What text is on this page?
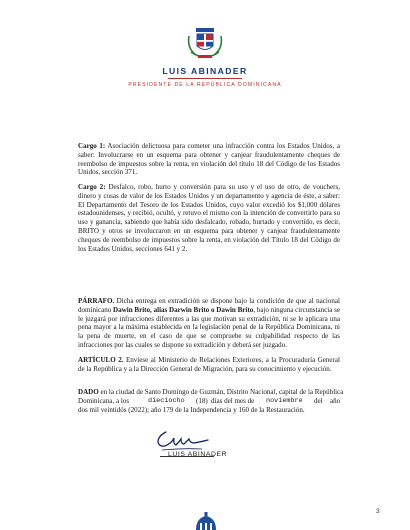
LUIS ABINADER
PRESIDENTE DE LA REPÚBLICA DOMINICANA
Cargo 1: Asociación delictuosa para cometer una infracción contra los Estados Unidos, a saber: Involucrarse en un esquema para obtener y canjear fraudulentamente cheques de reembolso de impuestos sobre la renta, en violación del título 18 del Código de los Estados Unidos, sección 371.
Cargo 2: Desfalco, robo, hurto y conversión para su uso y el uso de otro, de vouchers, dinero y cosas de valor de los Estados Unidos y un departamento y agencia de éste, a saber: El Departamento del Tesoro de los Estados Unidos, cuyo valor excedió los $1,000 dólares estadounidenses, y recibió, ocultó, y retuvo el mismo con la intención de convertirlo para su uso y ganancia, sabiendo que había sido desfalcado, robado, hurtado y convertido, es decir, BRITO y otros se involucraron en un esquema para obtener y canjear fraudulentamente cheques de reembolso de impuestos sobre la renta, en violación del Título 18 del Código de los Estados Unidos, secciones 641 y 2.
PÁRRAFO. Dicha entrega en extradición se dispone bajo la condición de que al nacional dominicano Dawin Brito, alias Darwin Brito o Dawin Brito, bajo ninguna circunstancia se le juzgará por infracciones diferentes a las que motivan su extradición, ni se le aplicara una pena mayor a la máxima establecida en la legislación penal de la República Dominicana, ni la pena de muerte, en el caso de que se compruebe su culpabilidad respecto de las infracciones por las cuales se dispone su extradición y deberá ser juzgado.
ARTÍCULO 2. Envíese al Ministerio de Relaciones Exteriores, a la Procuraduría General de la República y a la Dirección General de Migración, para su conocimiento y ejecución.
DADO en la ciudad de Santo Domingo de Guzmán, Distrito Nacional, capital de la República
Dominicana, a los	dieciocho (18) días del mes de noviembre del año
dos mil veintidós (2022); año 179 de la Independencia y 160 de la Restauración.
LUIS ABINADER
3
